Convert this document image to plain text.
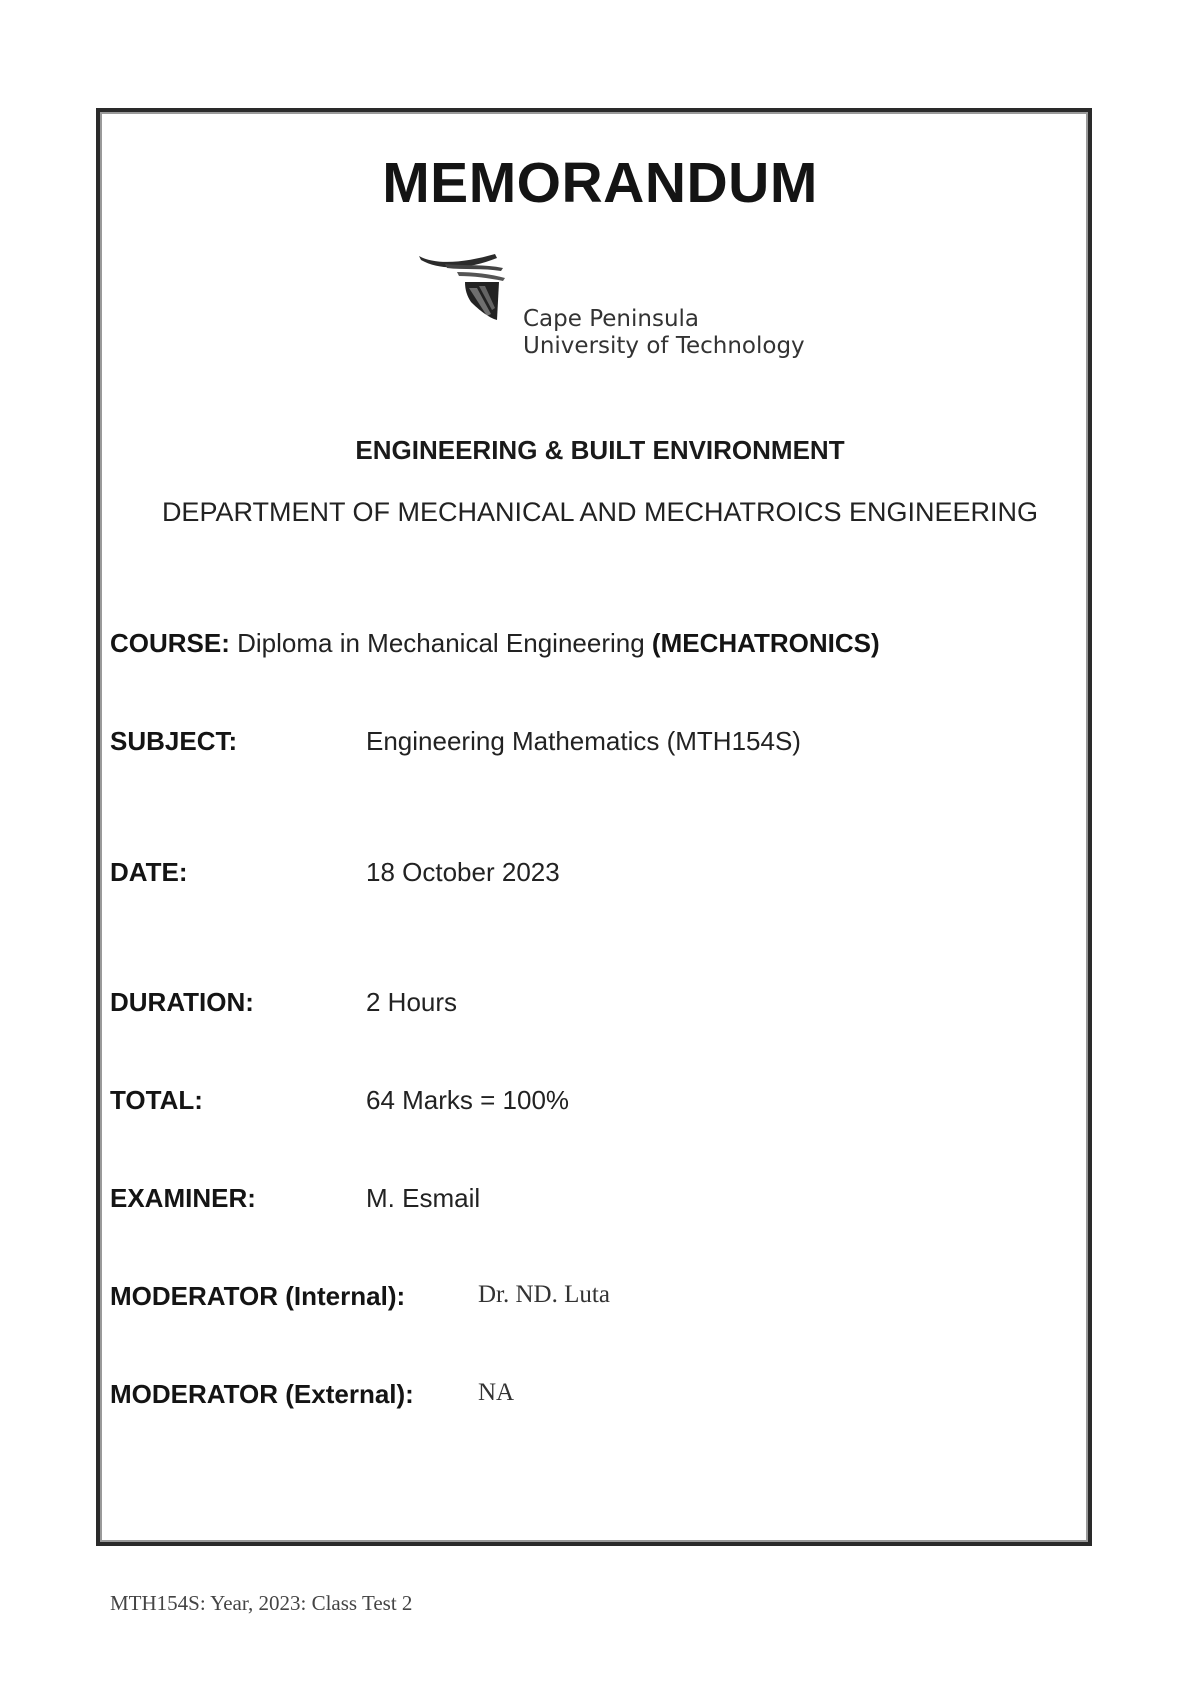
MEMORANDUM
Cape Peninsula
University of Technology
ENGINEERING & BUILT ENVIRONMENT
DEPARTMENT OF MECHANICAL AND MECHATROICS ENGINEERING
COURSE: Diploma in Mechanical Engineering (MECHATRONICS)
SUBJECT:	Engineering Mathematics (MTH154S)
DATE:	18 October 2023
DURATION:	2 Hours
TOTAL:	64 Marks = 100%
EXAMINER:	M. Esmail
MODERATOR (Internal):	Dr. ND. Luta
MODERATOR (External):	NA
MTH154S: Year, 2023: Class Test 2
